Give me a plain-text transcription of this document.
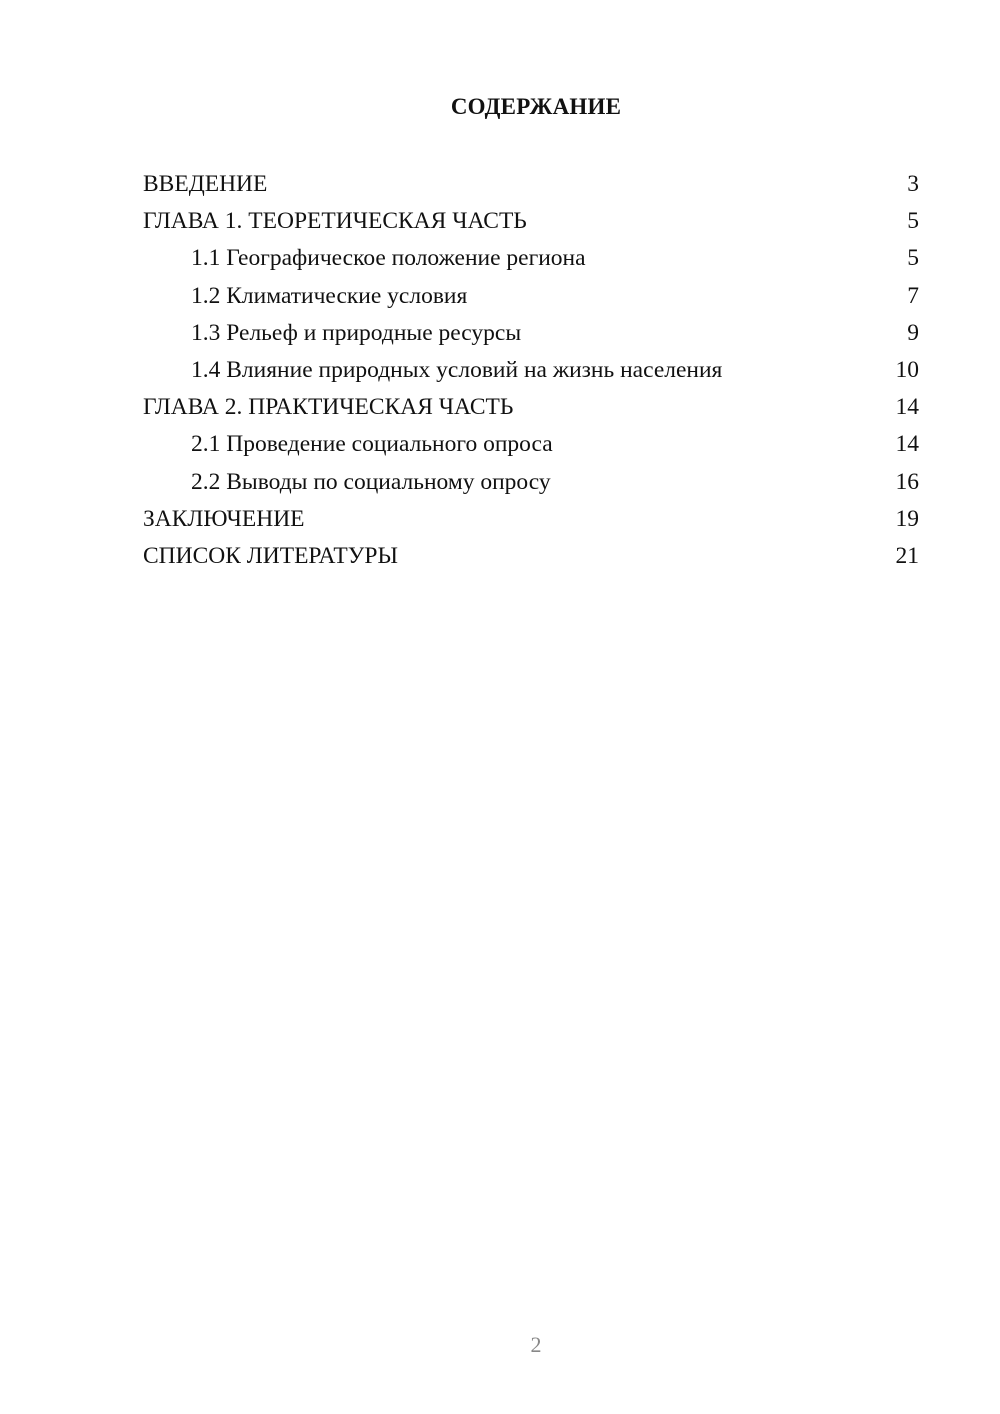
СОДЕРЖАНИЕ
ВВЕДЕНИЕ	3
ГЛАВА 1. ТЕОРЕТИЧЕСКАЯ ЧАСТЬ	5
1.1 Географическое положение региона	5
1.2 Климатические условия	7
1.3 Рельеф и природные ресурсы	9
1.4 Влияние природных условий на жизнь населения	10
ГЛАВА 2. ПРАКТИЧЕСКАЯ ЧАСТЬ	14
2.1 Проведение социального опроса	14
2.2 Выводы по социальному опросу	16
ЗАКЛЮЧЕНИЕ	19
СПИСОК ЛИТЕРАТУРЫ	21
2
